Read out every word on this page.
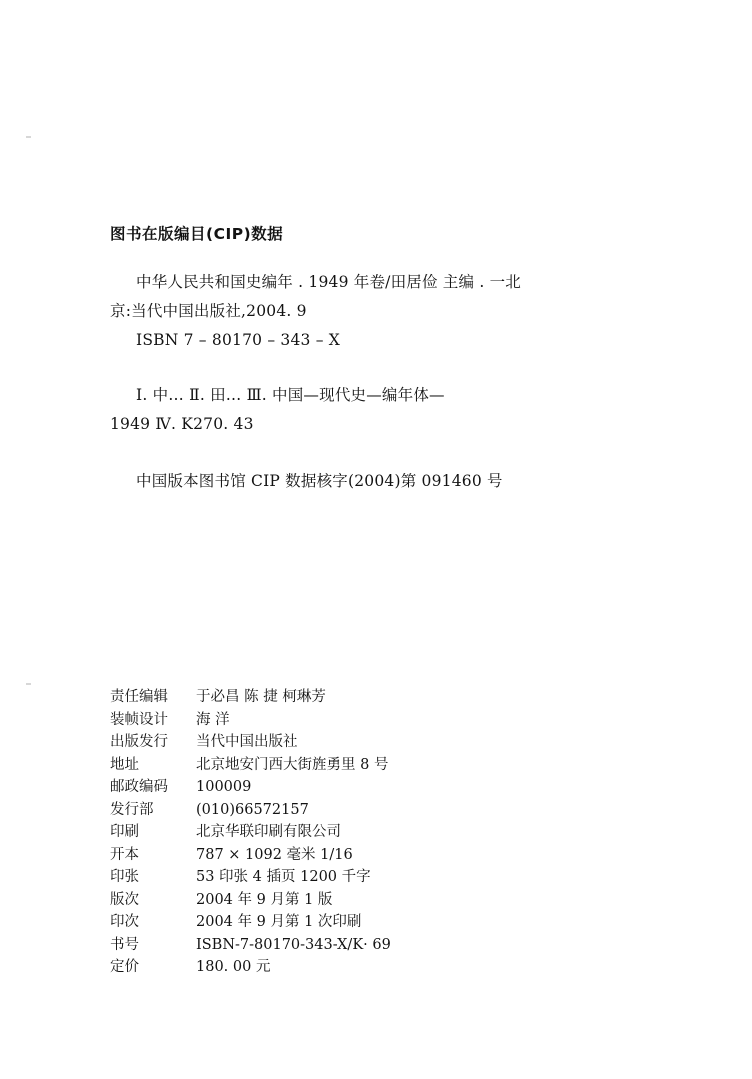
图书在版编目(CIP)数据

中华人民共和国史编年 . 1949 年卷/田居俭 主编 . 一北

京:当代中国出版社,2004. 9

ISBN 7 – 80170 – 343 – X

Ⅰ. 中… Ⅱ. 田… Ⅲ. 中国—现代史—编年体—

1949 Ⅳ. K270. 43

中国版本图书馆 CIP 数据核字(2004)第 091460 号

责任编辑	于必昌 陈 捷 柯琳芳
装帧设计	海 洋
出版发行	当代中国出版社
地址	北京地安门西大街旌勇里 8 号
邮政编码	100009
发行部	(010)66572157
印刷	北京华联印刷有限公司
开本	787 × 1092 毫米 1/16
印张	53 印张 4 插页 1200 千字
版次	2004 年 9 月第 1 版
印次	2004 年 9 月第 1 次印刷
书号	ISBN-7-80170-343-X/K· 69
定价	180. 00 元
